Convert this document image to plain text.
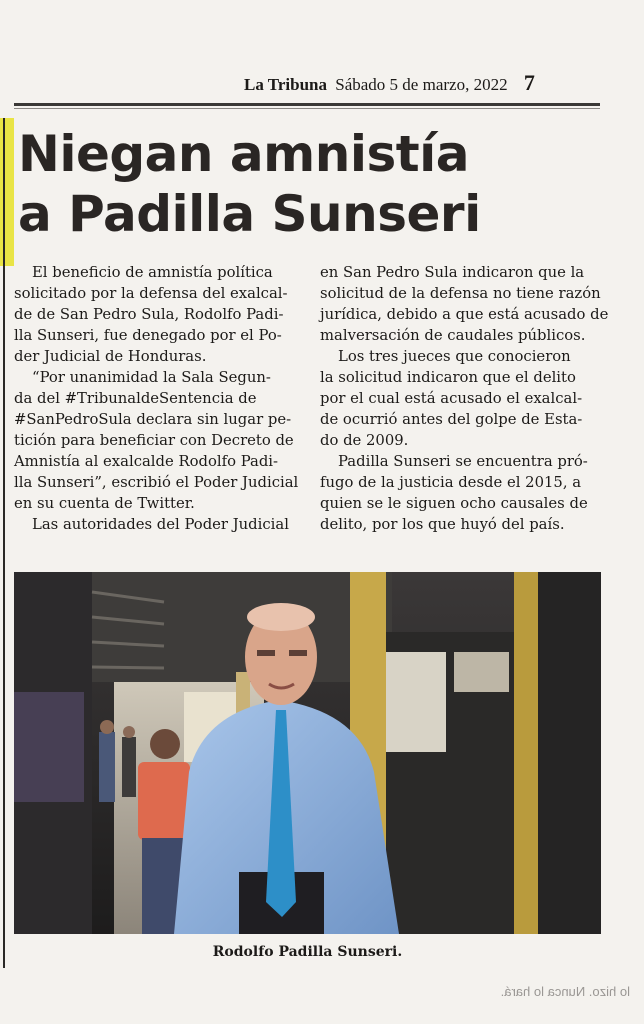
La Tribuna Sábado 5 de marzo, 2022 7
Niegan amnistía
a Padilla Sunseri

El beneficio de amnistía política

solicitado por la defensa del exalcal-

de de San Pedro Sula, Rodolfo Padi-

lla Sunseri, fue denegado por el Po-

der Judicial de Honduras.

“Por unanimidad la Sala Segun-

da del #TribunaldeSentencia de

#SanPedroSula declara sin lugar pe-

tición para beneficiar con Decreto de

Amnistía al exalcalde Rodolfo Padi-

lla Sunseri”, escribió el Poder Judicial

en su cuenta de Twitter.

Las autoridades del Poder Judicial

en San Pedro Sula indicaron que la

solicitud de la defensa no tiene razón

jurídica, debido a que está acusado de

malversación de caudales públicos.

Los tres jueces que conocieron

la solicitud indicaron que el delito

por el cual está acusado el exalcal-

de ocurrió antes del golpe de Esta-

do de 2009.

Padilla Sunseri se encuentra pró-

fugo de la justicia desde el 2015, a

quien se le siguen ocho causales de

delito, por los que huyó del país.

Rodolfo Padilla Sunseri.
lo hizo. Nunca lo hará.
